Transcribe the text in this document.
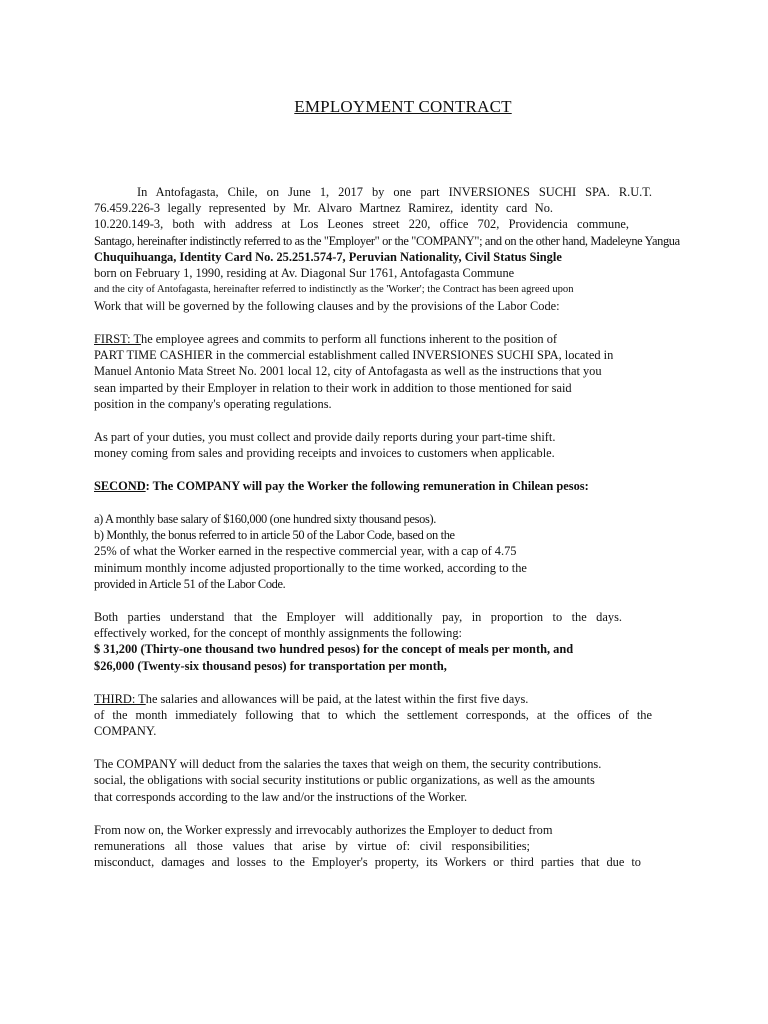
EMPLOYMENT CONTRACT
In Antofagasta, Chile, on June 1, 2017 by one part INVERSIONES SUCHI SPA. R.U.T.
76.459.226-3 legally represented by Mr. Alvaro Martnez Ramirez, identity card No.
10.220.149-3, both with address at Los Leones street 220, office 702, Providencia commune,
Santago, hereinafter indistinctly referred to as the "Employer" or the "COMPANY"; and on the other hand, Madeleyne Yangua
Chuquihuanga, Identity Card No. 25.251.574-7, Peruvian Nationality, Civil Status Single
born on February 1, 1990, residing at Av. Diagonal Sur 1761, Antofagasta Commune
and the city of Antofagasta, hereinafter referred to indistinctly as the 'Worker'; the Contract has been agreed upon
Work that will be governed by the following clauses and by the provisions of the Labor Code:
FIRST: The employee agrees and commits to perform all functions inherent to the position of
PART TIME CASHIER in the commercial establishment called INVERSIONES SUCHI SPA, located in
Manuel Antonio Mata Street No. 2001 local 12, city of Antofagasta as well as the instructions that you
sean imparted by their Employer in relation to their work in addition to those mentioned for said
position in the company's operating regulations.
As part of your duties, you must collect and provide daily reports during your part-time shift.
money coming from sales and providing receipts and invoices to customers when applicable.
SECOND: The COMPANY will pay the Worker the following remuneration in Chilean pesos:
a) A monthly base salary of $160,000 (one hundred sixty thousand pesos).
b) Monthly, the bonus referred to in article 50 of the Labor Code, based on the
25% of what the Worker earned in the respective commercial year, with a cap of 4.75
minimum monthly income adjusted proportionally to the time worked, according to the
provided in Article 51 of the Labor Code.
Both parties understand that the Employer will additionally pay, in proportion to the days.
effectively worked, for the concept of monthly assignments the following:
$ 31,200 (Thirty-one thousand two hundred pesos) for the concept of meals per month, and
$26,000 (Twenty-six thousand pesos) for transportation per month,
THIRD: The salaries and allowances will be paid, at the latest within the first five days.
of the month immediately following that to which the settlement corresponds, at the offices of the
COMPANY.
The COMPANY will deduct from the salaries the taxes that weigh on them, the security contributions.
social, the obligations with social security institutions or public organizations, as well as the amounts
that corresponds according to the law and/or the instructions of the Worker.
From now on, the Worker expressly and irrevocably authorizes the Employer to deduct from
remunerations all those values that arise by virtue of: civil responsibilities;
misconduct, damages and losses to the Employer's property, its Workers or third parties that due to
